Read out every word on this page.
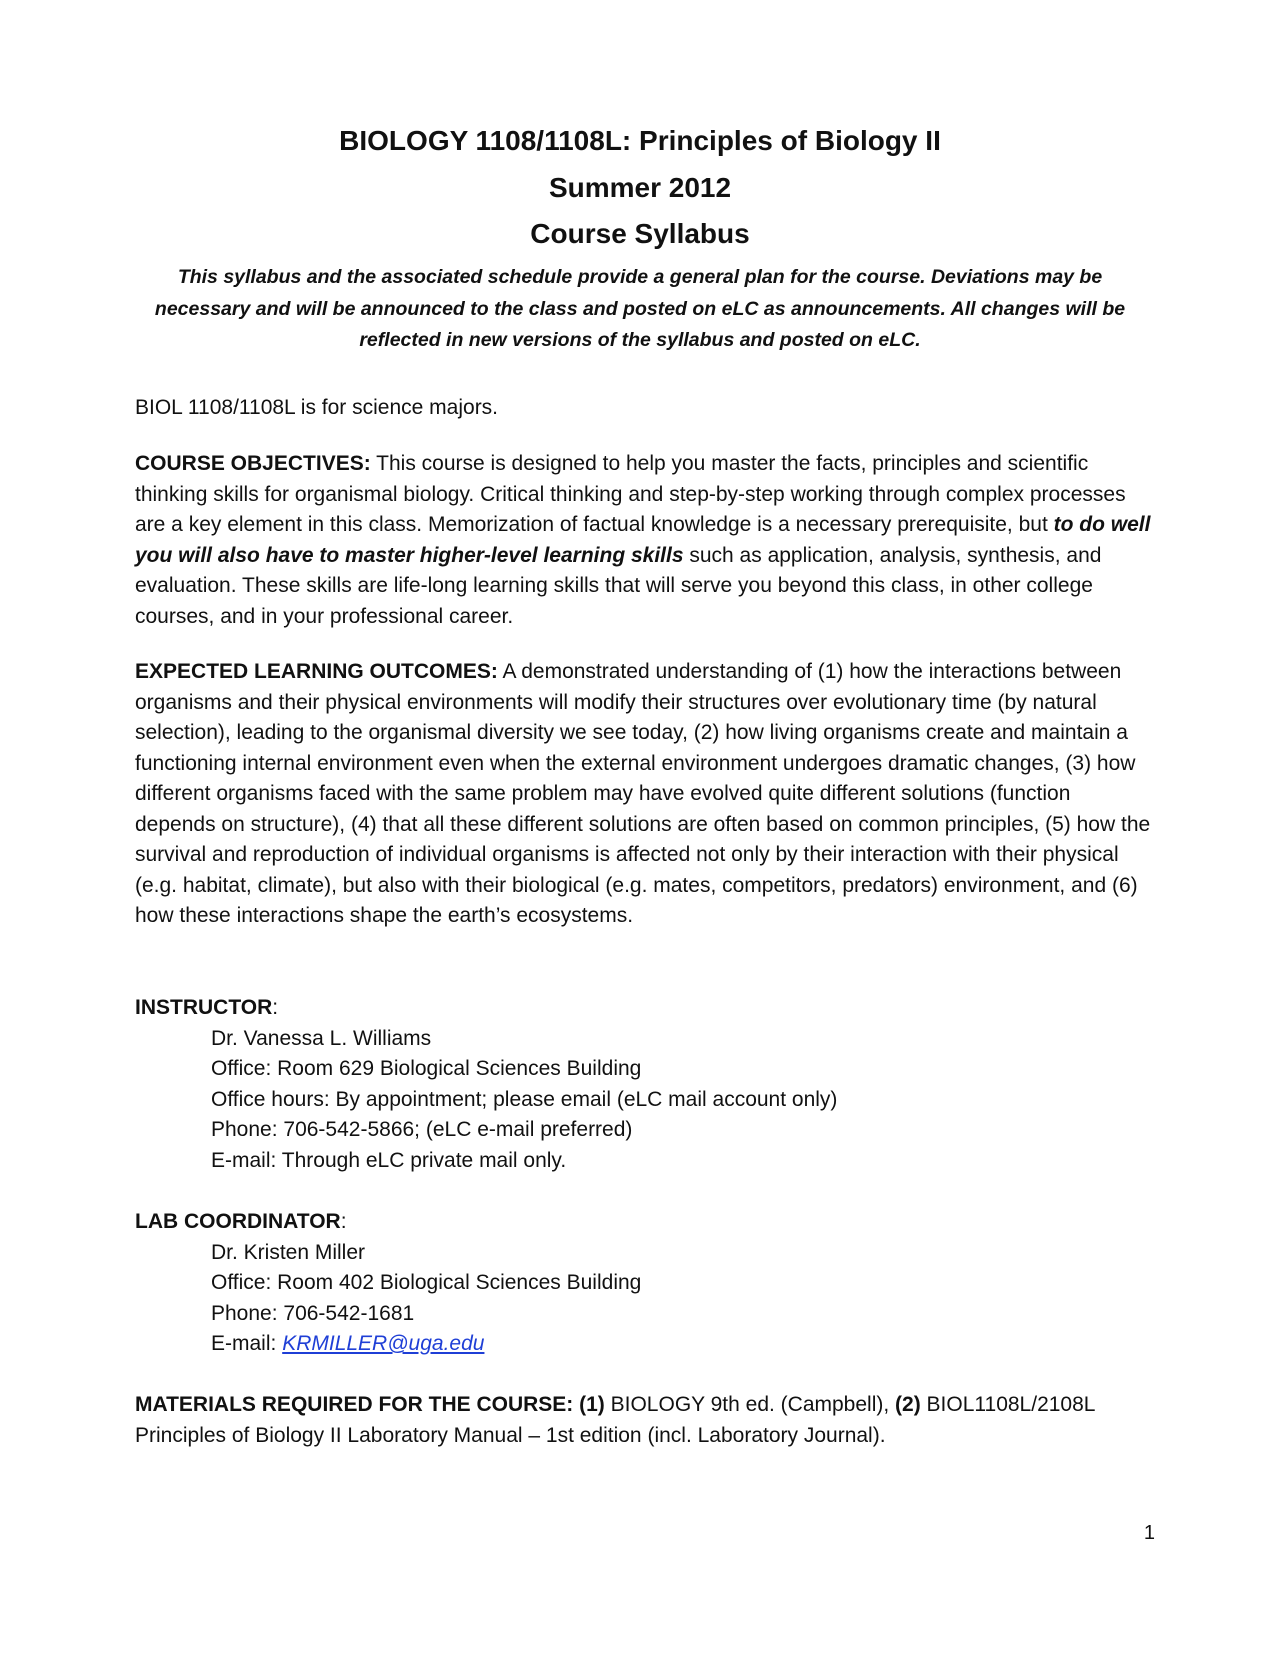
BIOLOGY 1108/1108L: Principles of Biology II
Summer 2012
Course Syllabus
This syllabus and the associated schedule provide a general plan for the course. Deviations may be necessary and will be announced to the class and posted on eLC as announcements. All changes will be reflected in new versions of the syllabus and posted on eLC.
BIOL 1108/1108L is for science majors.
COURSE OBJECTIVES: This course is designed to help you master the facts, principles and scientific thinking skills for organismal biology. Critical thinking and step-by-step working through complex processes are a key element in this class. Memorization of factual knowledge is a necessary prerequisite, but to do well you will also have to master higher-level learning skills such as application, analysis, synthesis, and evaluation. These skills are life-long learning skills that will serve you beyond this class, in other college courses, and in your professional career.
EXPECTED LEARNING OUTCOMES: A demonstrated understanding of (1) how the interactions between organisms and their physical environments will modify their structures over evolutionary time (by natural selection), leading to the organismal diversity we see today, (2) how living organisms create and maintain a functioning internal environment even when the external environment undergoes dramatic changes, (3) how different organisms faced with the same problem may have evolved quite different solutions (function depends on structure), (4) that all these different solutions are often based on common principles, (5) how the survival and reproduction of individual organisms is affected not only by their interaction with their physical (e.g. habitat, climate), but also with their biological (e.g. mates, competitors, predators) environment, and (6) how these interactions shape the earth’s ecosystems.
INSTRUCTOR:
Dr. Vanessa L. Williams
Office: Room 629 Biological Sciences Building
Office hours: By appointment; please email (eLC mail account only)
Phone: 706-542-5866; (eLC e-mail preferred)
E-mail: Through eLC private mail only.
LAB COORDINATOR:
Dr. Kristen Miller
Office: Room 402 Biological Sciences Building
Phone: 706-542-1681
E-mail: KRMILLER@uga.edu
MATERIALS REQUIRED FOR THE COURSE: (1) BIOLOGY 9th ed. (Campbell), (2) BIOL1108L/2108L Principles of Biology II Laboratory Manual – 1st edition (incl. Laboratory Journal).
1
